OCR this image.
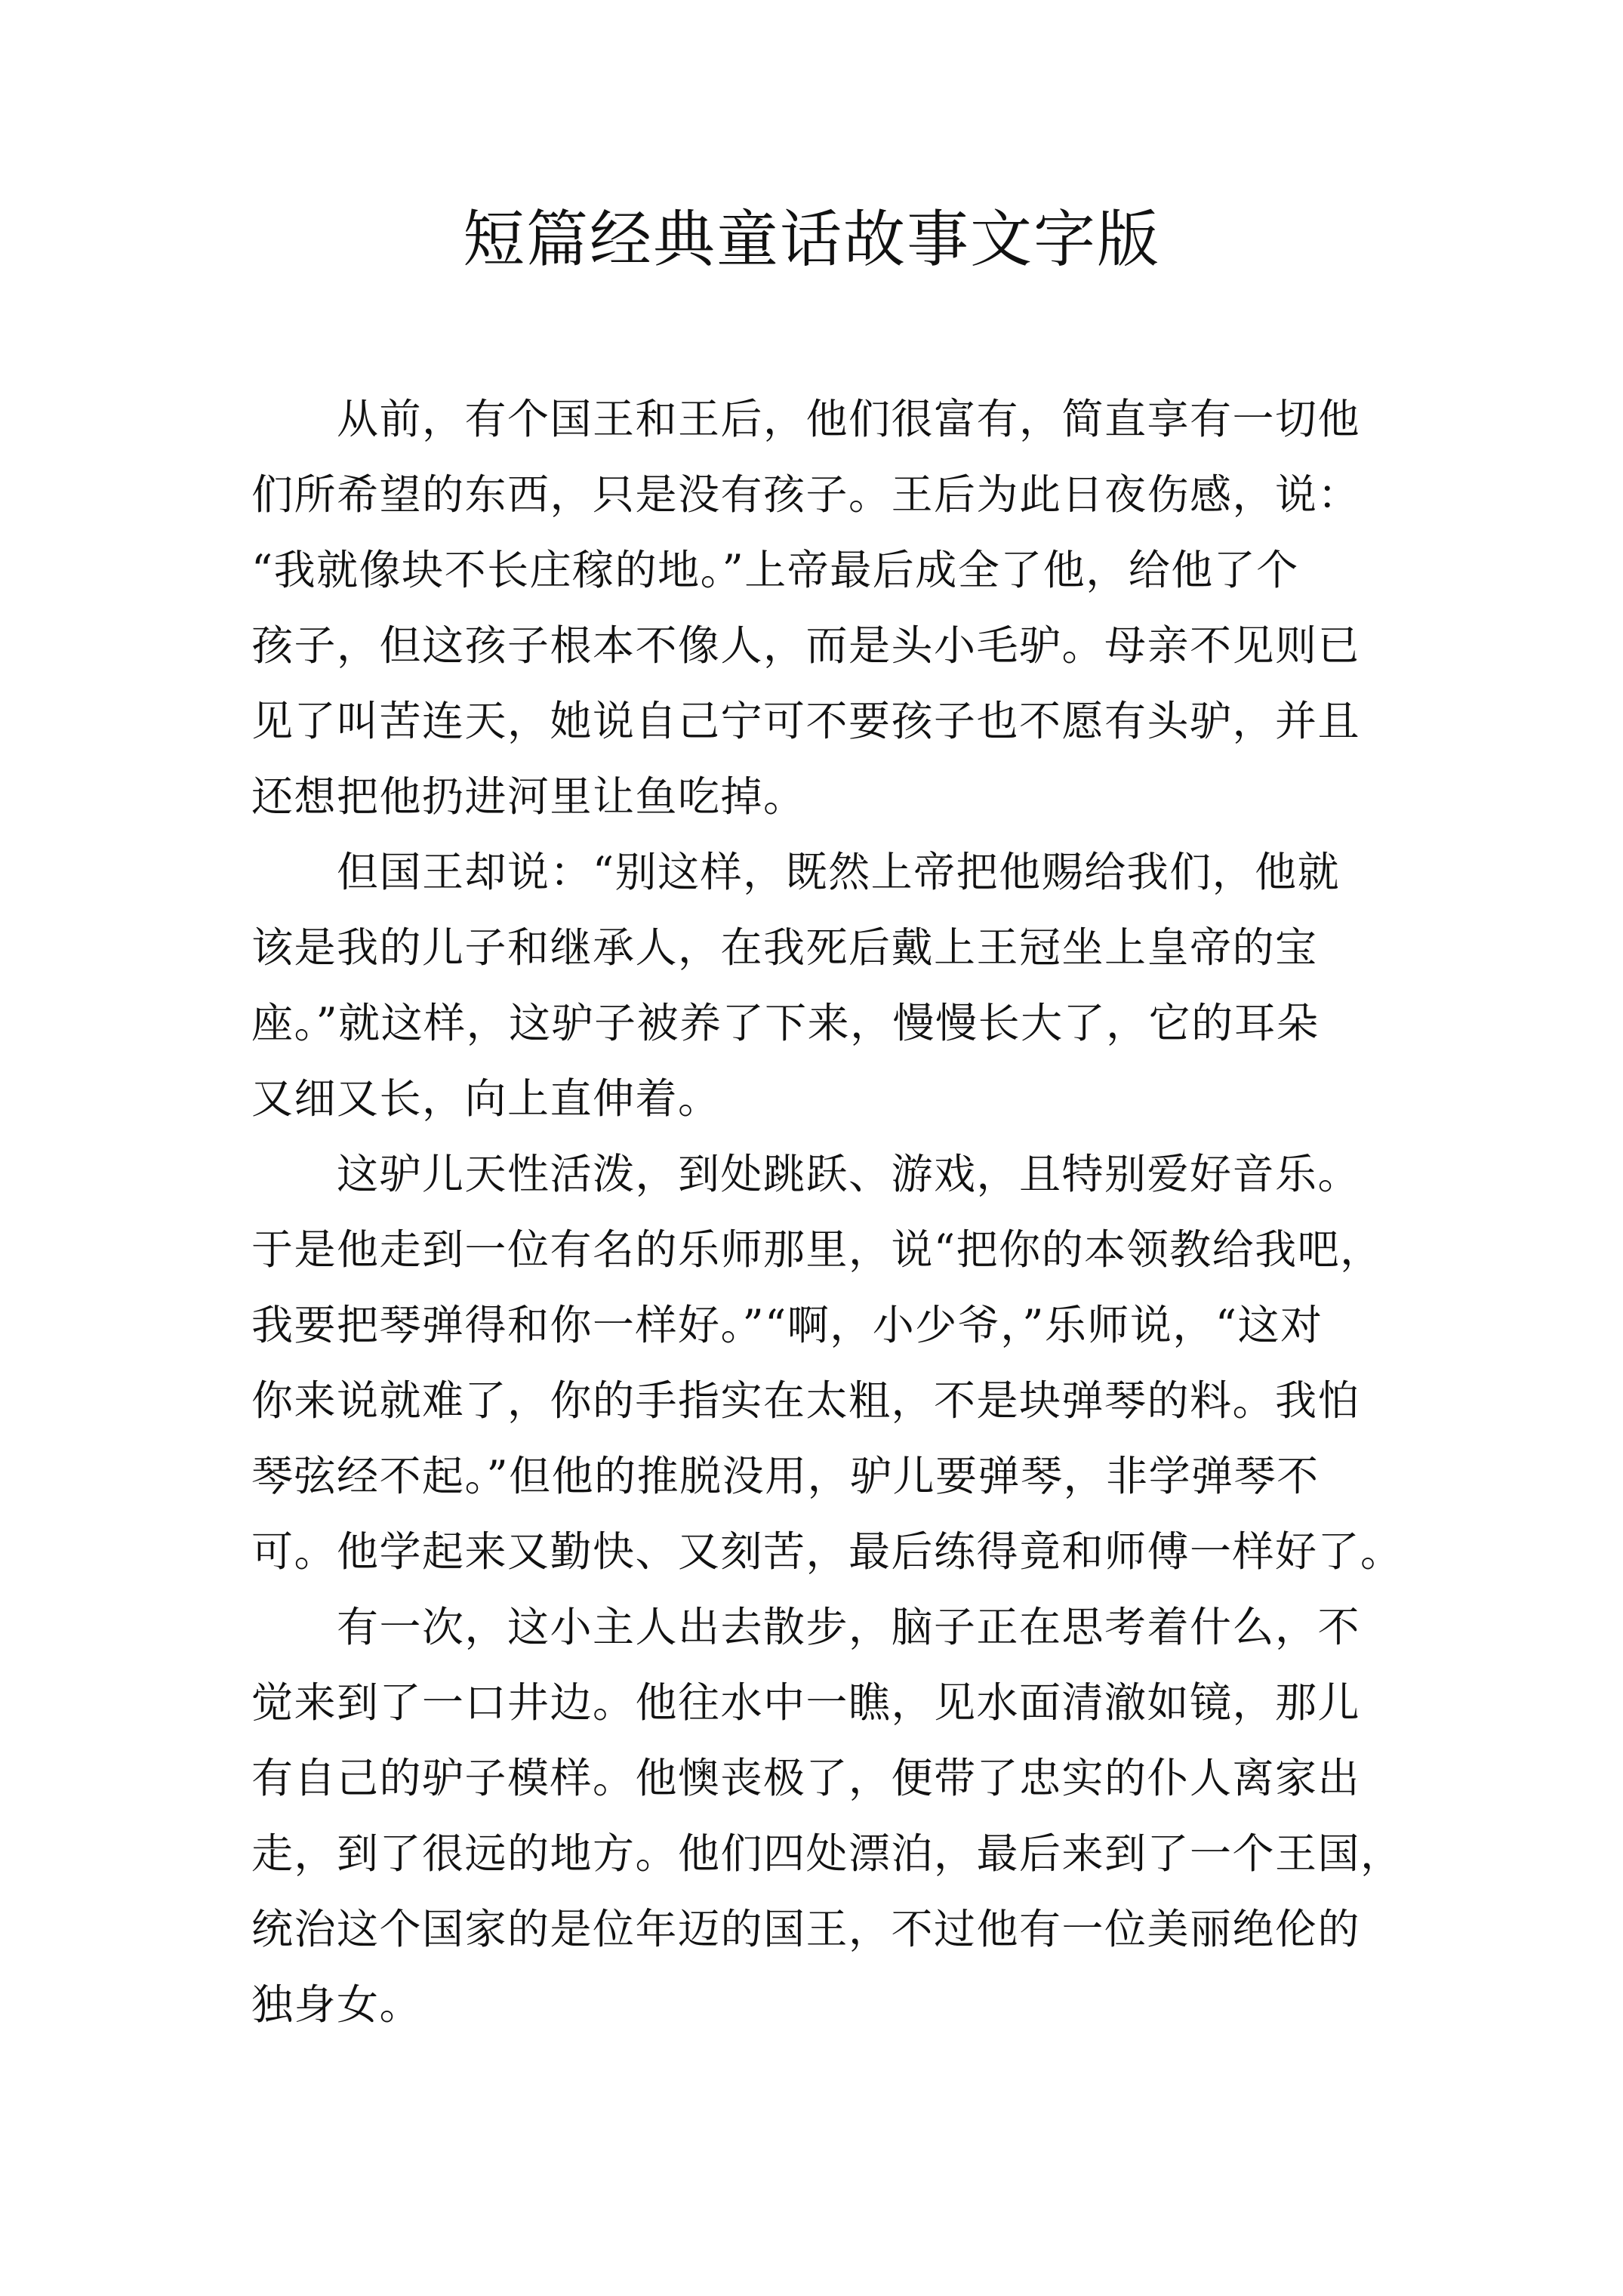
短篇经典童话故事文字版

　　从前，有个国王和王后，他们很富有，简直享有一切他
们所希望的东西，只是没有孩子。王后为此日夜伤感，说：
“我就像块不长庄稼的地。”上帝最后成全了他，给他了个
孩子，但这孩子根本不像人，而是头小毛驴。母亲不见则已
见了叫苦连天，她说自己宁可不要孩子也不愿有头驴，并且
还想把他扔进河里让鱼吃掉。

　　但国王却说：“别这样，既然上帝把他赐给我们，他就
该是我的儿子和继承人，在我死后戴上王冠坐上皇帝的宝
座。”就这样，这驴子被养了下来，慢慢长大了，它的耳朵
又细又长，向上直伸着。

　　这驴儿天性活泼，到处跳跃、游戏，且特别爱好音乐。
于是他走到一位有名的乐师那里，说“把你的本领教给我吧，
我要把琴弹得和你一样好。”“啊，小少爷，”乐师说，“这对
你来说就难了，你的手指实在太粗，不是块弹琴的料。我怕
琴弦经不起。”但他的推脱没用，驴儿要弹琴，非学弹琴不
可。他学起来又勤快、又刻苦，最后练得竟和师傅一样好了。

　　有一次，这小主人出去散步，脑子正在思考着什么，不
觉来到了一口井边。他往水中一瞧，见水面清澈如镜，那儿
有自己的驴子模样。他懊丧极了，便带了忠实的仆人离家出
走，到了很远的地方。他们四处漂泊，最后来到了一个王国，
统治这个国家的是位年迈的国王，不过他有一位美丽绝伦的
独身女。
